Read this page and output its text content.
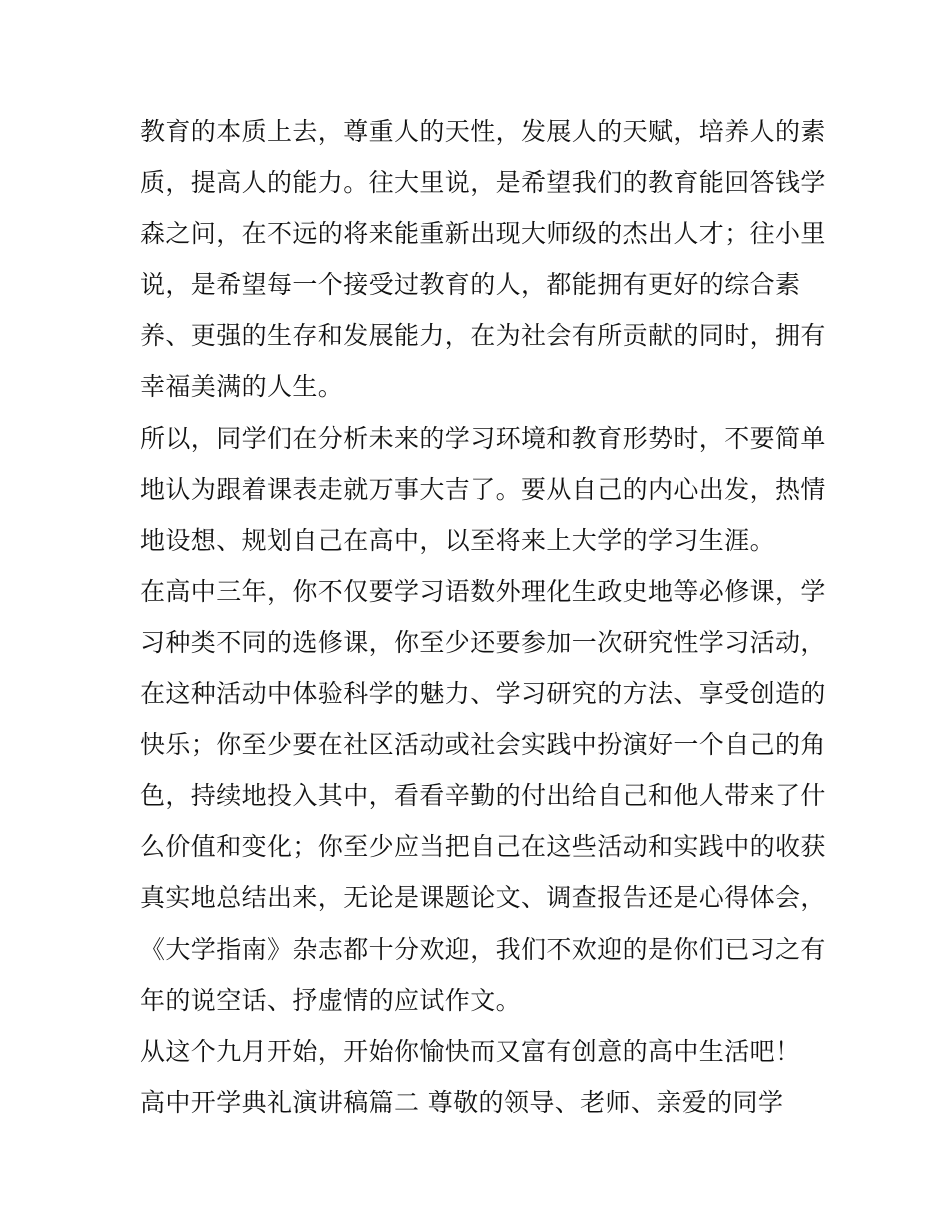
教育的本质上去，尊重人的天性，发展人的天赋，培养人的素
质，提高人的能力。往大里说，是希望我们的教育能回答钱学
森之问，在不远的将来能重新出现大师级的杰出人才；往小里
说，是希望每一个接受过教育的人，都能拥有更好的综合素
养、更强的生存和发展能力，在为社会有所贡献的同时，拥有
幸福美满的人生。
所以，同学们在分析未来的学习环境和教育形势时，不要简单
地认为跟着课表走就万事大吉了。要从自己的内心出发，热情
地设想、规划自己在高中，以至将来上大学的学习生涯。
在高中三年，你不仅要学习语数外理化生政史地等必修课，学
习种类不同的选修课，你至少还要参加一次研究性学习活动，
在这种活动中体验科学的魅力、学习研究的方法、享受创造的
快乐；你至少要在社区活动或社会实践中扮演好一个自己的角
色，持续地投入其中，看看辛勤的付出给自己和他人带来了什
么价值和变化；你至少应当把自己在这些活动和实践中的收获
真实地总结出来，无论是课题论文、调查报告还是心得体会，
《大学指南》杂志都十分欢迎，我们不欢迎的是你们已习之有
年的说空话、抒虚情的应试作文。
从这个九月开始，开始你愉快而又富有创意的高中生活吧！
高中开学典礼演讲稿篇二 尊敬的领导、老师、亲爱的同学
